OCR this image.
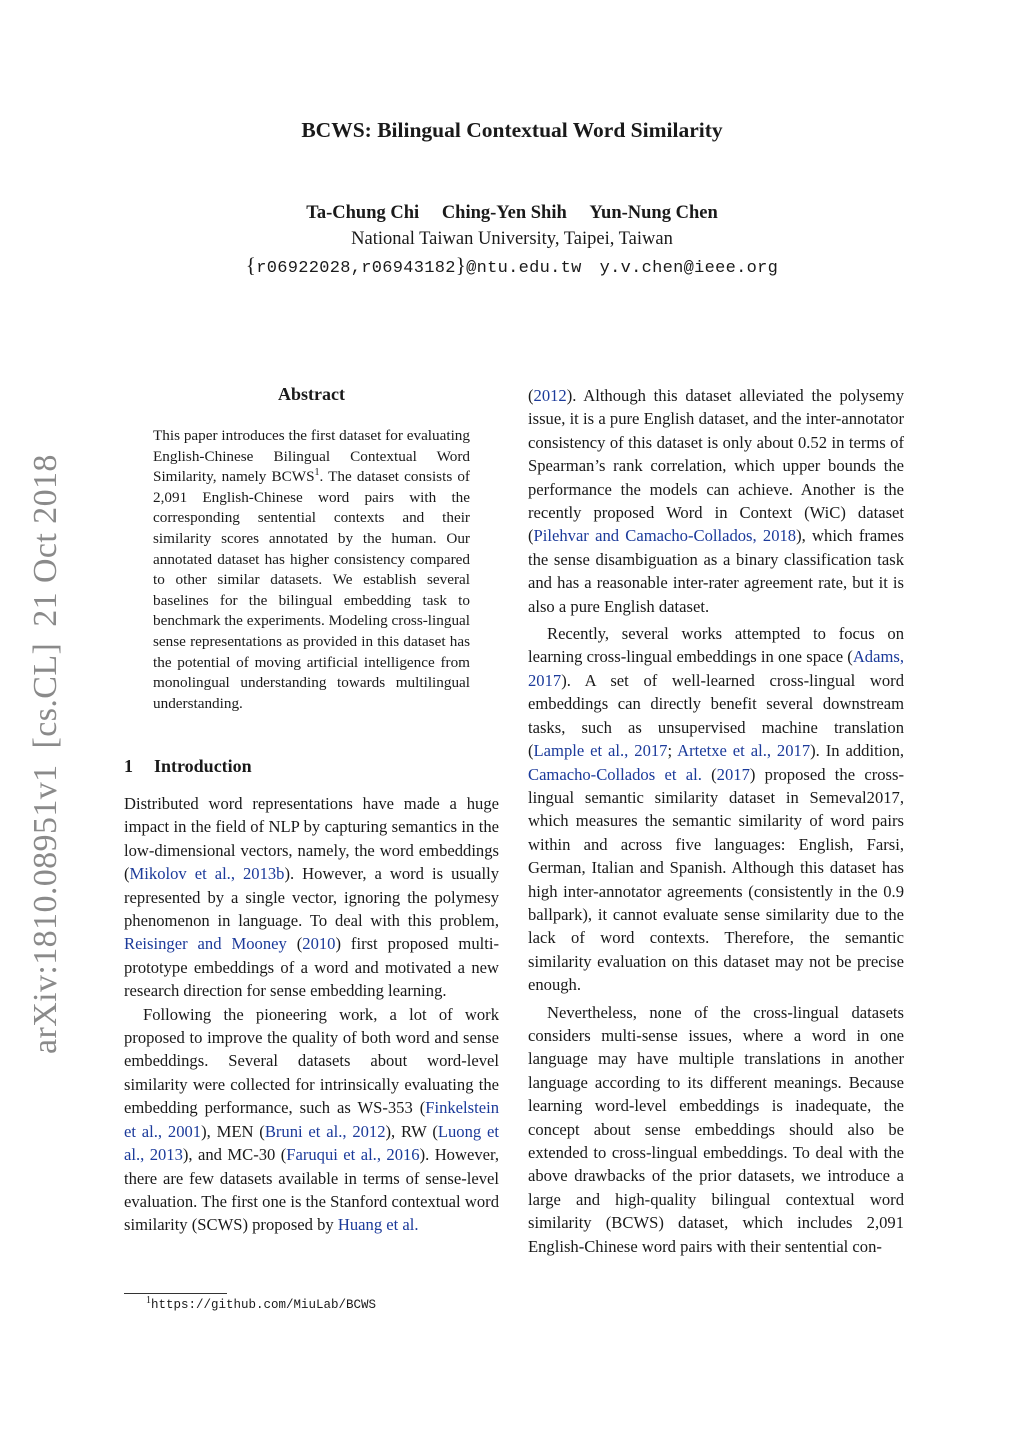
BCWS: Bilingual Contextual Word Similarity
Ta-Chung Chi Ching-Yen Shih Yun-Nung Chen
National Taiwan University, Taipei, Taiwan
{r06922028,r06943182}@ntu.edu.tw y.v.chen@ieee.org
arXiv:1810.08951v1[cs.CL]21 Oct 2018
Abstract
This paper introduces the first dataset for evaluating English-Chinese Bilingual Contextual Word Similarity, namely BCWS$^1$. The dataset consists of 2,091 English-Chinese word pairs with the corresponding sentential contexts and their similarity scores annotated by the human. Our annotated dataset has higher consistency compared to other similar datasets. We establish several baselines for the bilingual embedding task to benchmark the experiments. Modeling cross-lingual sense representations as provided in this dataset has the potential of moving artificial intelligence from monolingual understanding towards multilingual understanding.
1 Introduction

Distributed word representations have made a huge impact in the field of NLP by capturing semantics in the low-dimensional vectors, namely, the word embeddings (Mikolov et al., 2013b). However, a word is usually represented by a single vector, ignoring the polymesy phenomenon in language. To deal with this problem, Reisinger and Mooney (2010) first proposed multi-prototype embeddings of a word and motivated a new research direction for sense embedding learning.

Following the pioneering work, a lot of work proposed to improve the quality of both word and sense embeddings. Several datasets about word-level similarity were collected for intrinsically evaluating the embedding performance, such as WS-353 (Finkelstein et al., 2001), MEN (Bruni et al., 2012), RW (Luong et al., 2013), and MC-30 (Faruqui et al., 2016). However, there are few datasets available in terms of sense-level evaluation. The first one is the Stanford contextual word similarity (SCWS) proposed by Huang et al.

$^1$https://github.com/MiuLab/BCWS

(2012). Although this dataset alleviated the polysemy issue, it is a pure English dataset, and the inter-annotator consistency of this dataset is only about 0.52 in terms of Spearman’s rank correlation, which upper bounds the performance the models can achieve. Another is the recently proposed Word in Context (WiC) dataset (Pilehvar and Camacho-Collados, 2018), which frames the sense disambiguation as a binary classification task and has a reasonable inter-rater agreement rate, but it is also a pure English dataset.

Recently, several works attempted to focus on learning cross-lingual embeddings in one space (Adams, 2017). A set of well-learned cross-lingual word embeddings can directly benefit several downstream tasks, such as unsupervised machine translation (Lample et al., 2017; Artetxe et al., 2017). In addition, Camacho-Collados et al. (2017) proposed the cross-lingual semantic similarity dataset in Semeval2017, which measures the semantic similarity of word pairs within and across five languages: English, Farsi, German, Italian and Spanish. Although this dataset has high inter-annotator agreements (consistently in the 0.9 ballpark), it cannot evaluate sense similarity due to the lack of word contexts. Therefore, the semantic similarity evaluation on this dataset may not be precise enough.

Nevertheless, none of the cross-lingual datasets considers multi-sense issues, where a word in one language may have multiple translations in another language according to its different meanings. Because learning word-level embeddings is inadequate, the concept about sense embeddings should also be extended to cross-lingual embeddings. To deal with the above drawbacks of the prior datasets, we introduce a large and high-quality bilingual contextual word similarity (BCWS) dataset, which includes 2,091 English-Chinese word pairs with their sentential con-
